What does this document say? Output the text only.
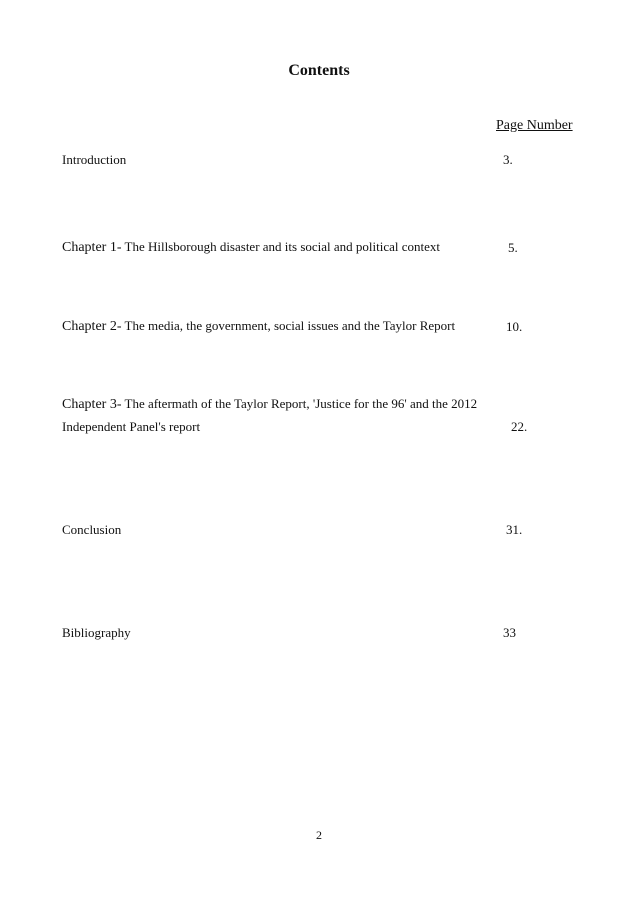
Contents
Page Number
Introduction	3.
Chapter 1- The Hillsborough disaster and its social and political context	5.
Chapter 2- The media, the government, social issues and the Taylor Report	10.
Chapter 3- The aftermath of the Taylor Report, 'Justice for the 96' and the 2012
Independent Panel's report	22.
Conclusion	31.
Bibliography	33
2
